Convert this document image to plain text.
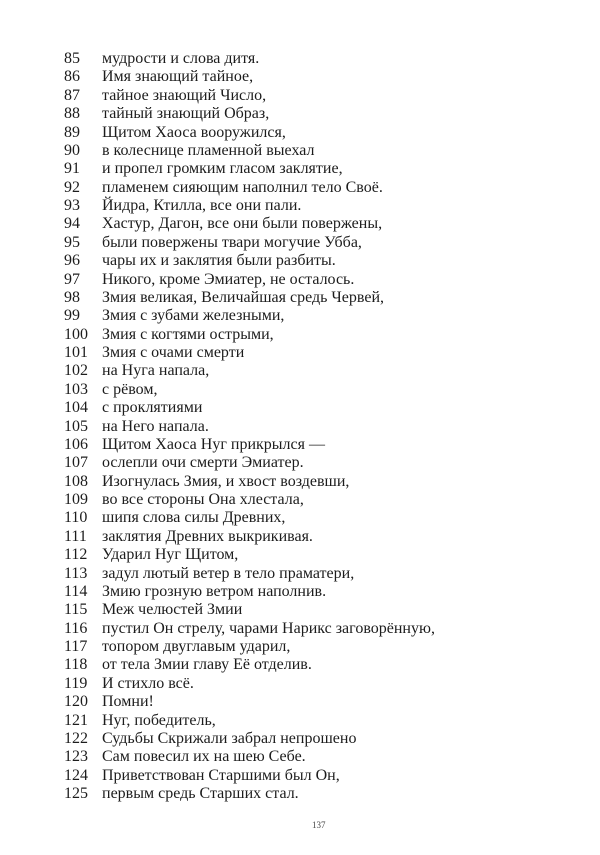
85	мудрости и слова дитя.
86	Имя знающий тайное,
87	тайное знающий Число,
88	тайный знающий Образ,
89	Щитом Хаоса вооружился,
90	в колеснице пламенной выехал
91	и пропел громким гласом заклятие,
92	пламенем сияющим наполнил тело Своё.
93	Йидра, Ктилла, все они пали.
94	Хастур, Дагон, все они были повержены,
95	были повержены твари могучие Убба,
96	чары их и заклятия были разбиты.
97	Никого, кроме Эмиатер, не осталось.
98	Змия великая, Величайшая средь Червей,
99	Змия с зубами железными,
100 Змия с когтями острыми,
101 Змия с очами смерти
102 на Нуга напала,
103 с рёвом,
104 с проклятиями
105 на Него напала.
106 Щитом Хаоса Нуг прикрылся —
107 ослепли очи смерти Эмиатер.
108 Изогнулась Змия, и хвост воздевши,
109 во все стороны Она хлестала,
110 шипя слова силы Древних,
111 заклятия Древних выкрикивая.
112 Ударил Нуг Щитом,
113 задул лютый ветер в тело праматери,
114 Змию грозную ветром наполнив.
115 Меж челюстей Змии
116 пустил Он стрелу, чарами Нарикс заговорённую,
117 топором двуглавым ударил,
118 от тела Змии главу Её отделив.
119 И стихло всё.
120 Помни!
121 Нуг, победитель,
122 Судьбы Скрижали забрал непрошено
123 Сам повесил их на шею Себе.
124 Приветствован Старшими был Он,
125 первым средь Старших стал.
137
